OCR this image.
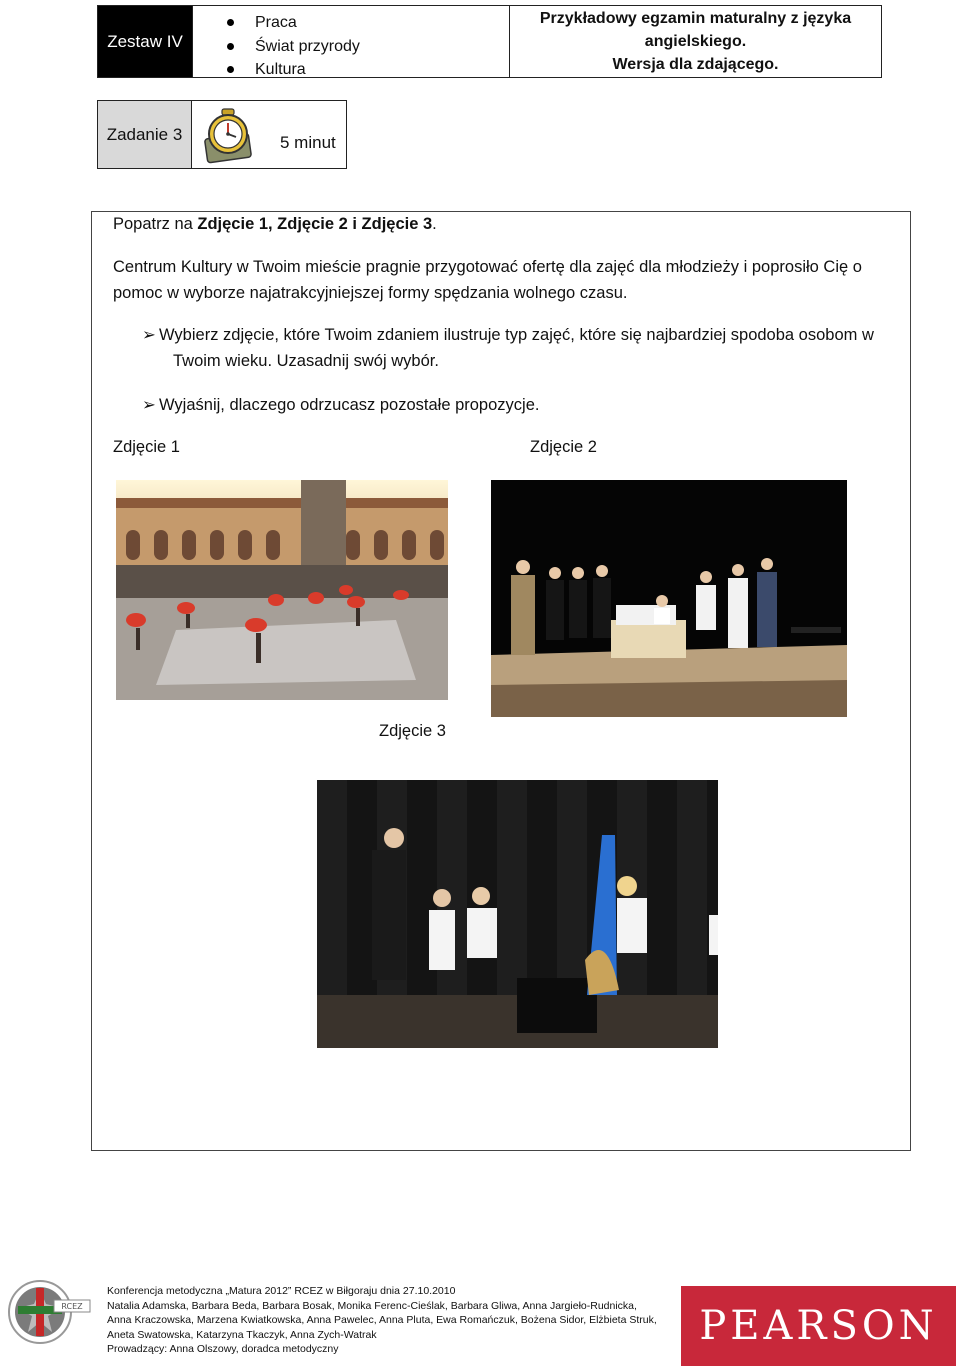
Zestaw IV
Praca
Świat przyrody
Kultura
Przykładowy egzamin maturalny z języka
angielskiego.
Wersja dla zdającego.
Zadanie 3	5 minut
Popatrz na Zdjęcie 1, Zdjęcie 2 i Zdjęcie 3.
Centrum Kultury w Twoim mieście pragnie przygotować ofertę dla zajęć dla młodzieży i poprosiło Cię o
pomoc w wyborze najatrakcyjniejszej formy spędzania wolnego czasu.
➢ Wybierz zdjęcie, które Twoim zdaniem ilustruje typ zajęć, które się najbardziej spodoba osobom w
Twoim wieku. Uzasadnij swój wybór.
➢ Wyjaśnij, dlaczego odrzucasz pozostałe propozycje.
Zdjęcie 1	Zdjęcie 2
Zdjęcie 3
RCEZ
Konferencja metodyczna „Matura 2012” RCEZ w Biłgoraju dnia 27.10.2010
Natalia Adamska, Barbara Beda, Barbara Bosak, Monika Ferenc-Cieślak, Barbara Gliwa, Anna Jargieło-Rudnicka,
Anna Kraczowska, Marzena Kwiatkowska, Anna Pawelec, Anna Pluta, Ewa Romańczuk, Bożena Sidor, Elżbieta Struk,
Aneta Swatowska, Katarzyna Tkaczyk, Anna Zych-Watrak
Prowadzący: Anna Olszowy, doradca metodyczny
PEARSON
